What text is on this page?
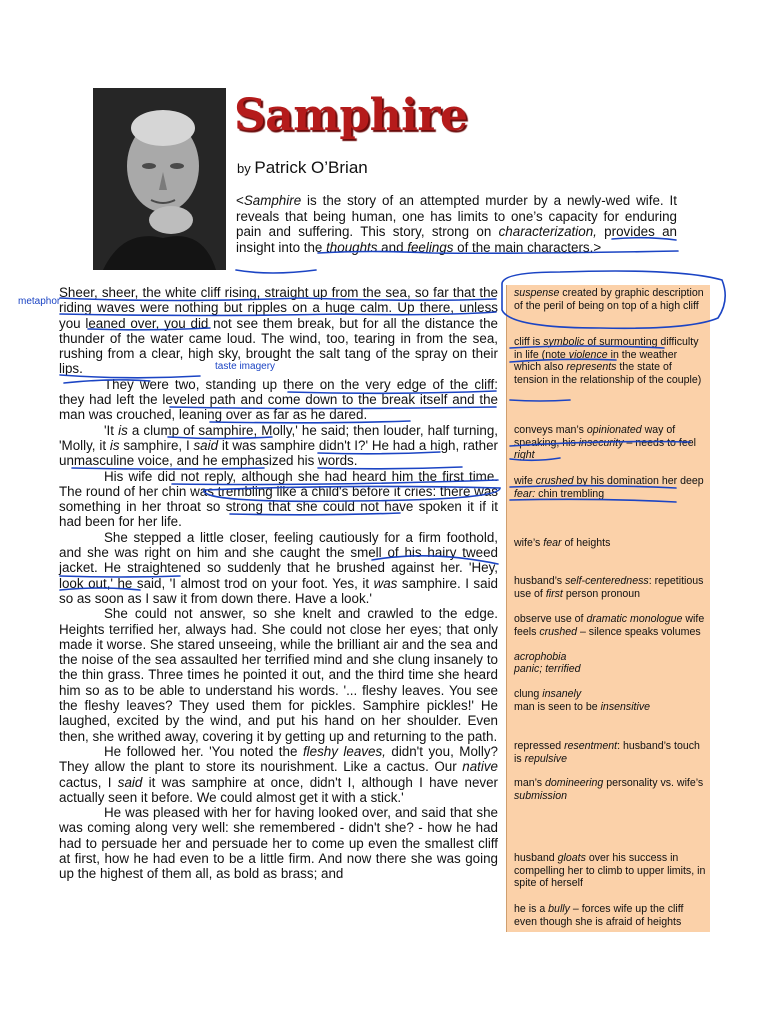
Samphire
by Patrick O’Brian

<Samphire is the story of an attempted murder by a newly-wed wife. It reveals that being human, one has limits to one’s capacity for enduring pain and suffering. This story, strong on characterization, provides an insight into the thoughts and feelings of the main characters.>

Sheer, sheer, the white cliff rising, straight up from the sea, so far that the riding waves were nothing but ripples on a huge calm. Up there, unless you leaned over, you did not see them break, but for all the distance the thunder of the water came loud. The wind, too, tearing in from the sea, rushing from a clear, high sky, brought the salt tang of the spray on their lips.

They were two, standing up there on the very edge of the cliff: they had left the leveled path and come down to the break itself and the man was crouched, leaning over as far as he dared.

'It is a clump of samphire, Molly,' he said; then louder, half turning, 'Molly, it is samphire, I said it was samphire didn't I?' He had a high, rather unmasculine voice, and he emphasized his words.

His wife did not reply, although she had heard him the first time. The round of her chin was trembling like a child's before it cries: there was something in her throat so strong that she could not have spoken it if it had been for her life.

She stepped a little closer, feeling cautiously for a firm foothold, and she was right on him and she caught the smell of his hairy tweed jacket. He straightened so suddenly that he brushed against her. 'Hey, look out,' he said, 'I almost trod on your foot. Yes, it was samphire. I said so as soon as I saw it from down there. Have a look.'

She could not answer, so she knelt and crawled to the edge. Heights terrified her, always had. She could not close her eyes; that only made it worse. She stared unseeing, while the brilliant air and the sea and the noise of the sea assaulted her terrified mind and she clung insanely to the thin grass. Three times he pointed it out, and the third time she heard him so as to be able to understand his words. '... fleshy leaves. You see the fleshy leaves? They used them for pickles. Samphire pickles!' He laughed, excited by the wind, and put his hand on her shoulder. Even then, she writhed away, covering it by getting up and returning to the path.

He followed her. 'You noted the fleshy leaves, didn't you, Molly? They allow the plant to store its nourishment. Like a cactus. Our native cactus, I said it was samphire at once, didn't I, although I have never actually seen it before. We could almost get it with a stick.'

He was pleased with her for having looked over, and said that she was coming along very well: she remembered - didn't she? - how he had had to persuade her and persuade her to come up even the smallest cliff at first, how he had even to be a little firm. And now there she was going up the highest of them all, as bold as brass; and

suspense created by graphic description of the peril of being on top of a high cliff
cliff is symbolic of surmounting difficulty in life (note violence in the weather which also represents the state of tension in the relationship of the couple)
conveys man’s opinionated way of speaking, his insecurity – needs to feel right
wife crushed by his domination her deep fear: chin trembling
wife’s fear of heights
husband’s self-centeredness: repetitious use of first person pronoun
observe use of dramatic monologue wife feels crushed – silence speaks volumes
acrophobia
panic; terrified
clung insanely
man is seen to be insensitive
repressed resentment: husband’s touch is repulsive
man’s domineering personality vs. wife’s submission
husband gloats over his success in compelling her to climb to upper limits, in spite of herself
he is a bully – forces wife up the cliff even though she is afraid of heights
metaphor
taste imagery
